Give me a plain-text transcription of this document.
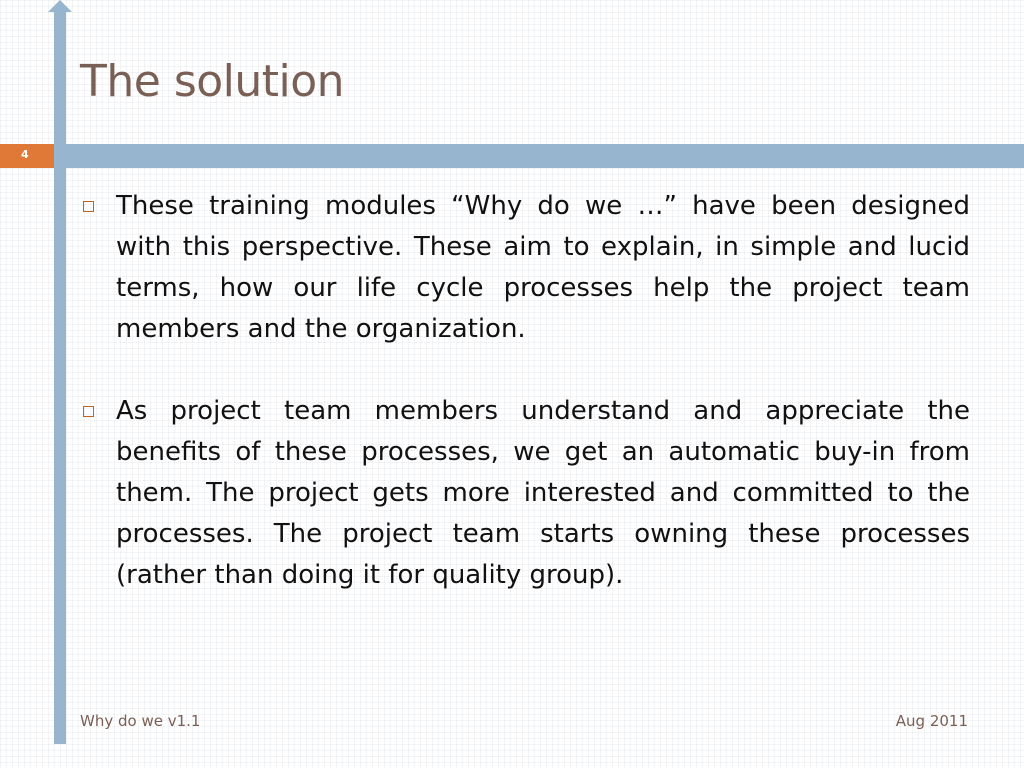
4
The solution
These training modules “Why do we …” have been designed with this perspective. These aim to explain, in simple and lucid terms, how our life cycle processes help the project team members and the organization.
As project team members understand and appreciate the benefits of these processes, we get an automatic buy-in from them. The project gets more interested and committed to the processes. The project team starts owning these processes (rather than doing it for quality group).
Why do we v1.1	Aug 2011
